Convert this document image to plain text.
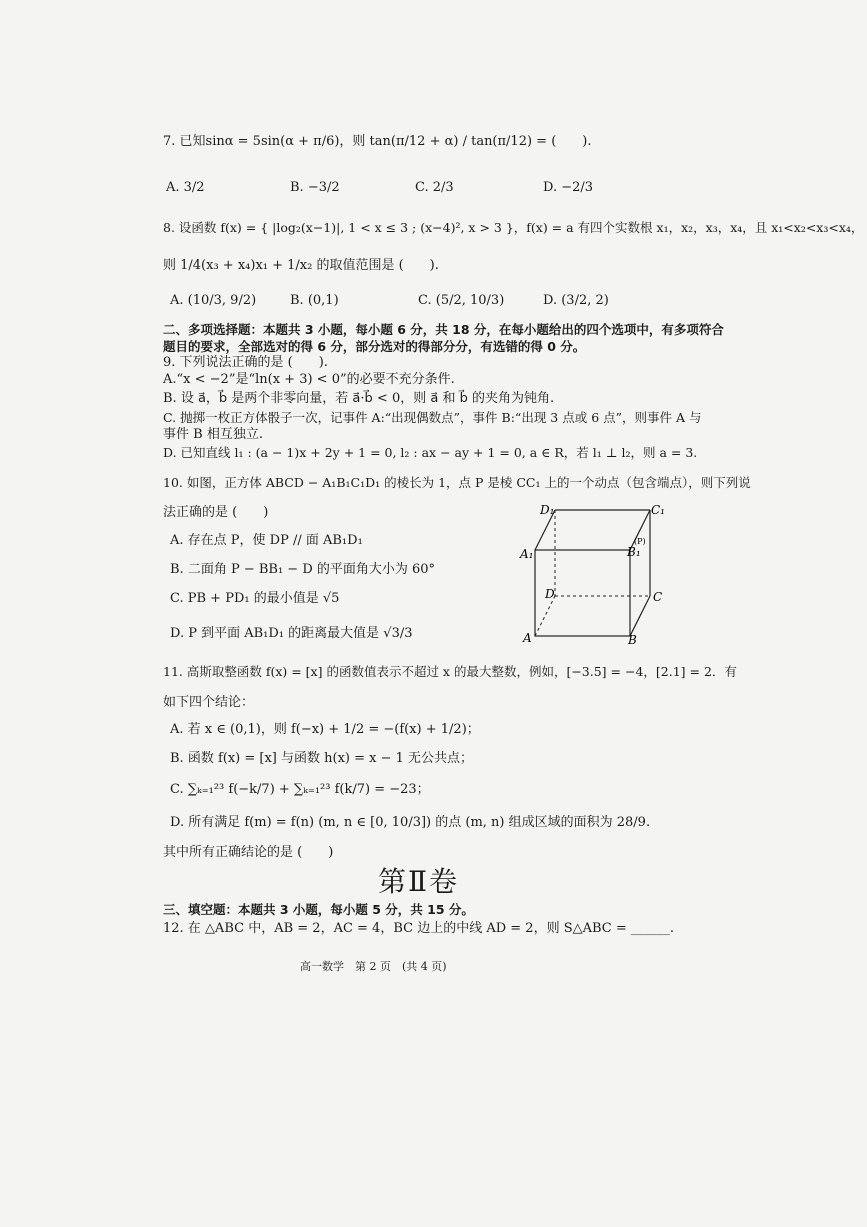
7. 已知sinα = 5sin(α + π/6)，则 tan(π/12 + α) / tan(π/12) = (　　).
A. 3/2	B. −3/2	C. 2/3	D. −2/3
8. 设函数 f(x) = { |log₂(x−1)|, 1 < x ≤ 3 ; (x−4)², x > 3 }，f(x) = a 有四个实数根 x₁，x₂，x₃，x₄，且 x₁<x₂<x₃<x₄，
则 1/4(x₃ + x₄)x₁ + 1/x₂ 的取值范围是 (　　).
A. (10/3, 9/2)	B. (0,1)	C. (5/2, 10/3)	D. (3/2, 2)
二、多项选择题：本题共 3 小题，每小题 6 分，共 18 分，在每小题给出的四个选项中，有多项符合
题目的要求，全部选对的得 6 分，部分选对的得部分分，有选错的得 0 分。
9. 下列说法正确的是 (　　).
A.“x < −2”是“ln(x + 3) < 0”的必要不充分条件.
B. 设 a⃗，b⃗ 是两个非零向量，若 a⃗·b⃗ < 0，则 a⃗ 和 b⃗ 的夹角为钝角.
C. 抛掷一枚正方体骰子一次，记事件 A:“出现偶数点”，事件 B:“出现 3 点或 6 点”，则事件 A 与
事件 B 相互独立.
D. 已知直线 l₁ : (a − 1)x + 2y + 1 = 0, l₂ : ax − ay + 1 = 0, a ∈ R，若 l₁ ⊥ l₂，则 a = 3.
10. 如图，正方体 ABCD − A₁B₁C₁D₁ 的棱长为 1，点 P 是棱 CC₁ 上的一个动点（包含端点），则下列说
法正确的是 (　　)
A. 存在点 P，使 DP // 面 AB₁D₁
B. 二面角 P − BB₁ − D 的平面角大小为 60°
C. PB + PD₁ 的最小值是 √5
D. P 到平面 AB₁D₁ 的距离最大值是 √3/3
D₁	C₁
A₁	B₁
(P)
D	C
A	B
11. 高斯取整函数 f(x) = [x] 的函数值表示不超过 x 的最大整数，例如，[−3.5] = −4，[2.1] = 2．有
如下四个结论：
A. 若 x ∈ (0,1)，则 f(−x) + 1/2 = −(f(x) + 1/2)；
B. 函数 f(x) = [x] 与函数 h(x) = x − 1 无公共点；
C. ∑ₖ₌₁²³ f(−k/7) + ∑ₖ₌₁²³ f(k/7) = −23；
D. 所有满足 f(m) = f(n) (m, n ∈ [0, 10/3]) 的点 (m, n) 组成区域的面积为 28/9.
其中所有正确结论的是 (　　)
第Ⅱ卷
三、填空题：本题共 3 小题，每小题 5 分，共 15 分。
12. 在 △ABC 中，AB = 2，AC = 4，BC 边上的中线 AD = 2，则 S△ABC = ______.
高一数学　第 2 页　(共 4 页)
